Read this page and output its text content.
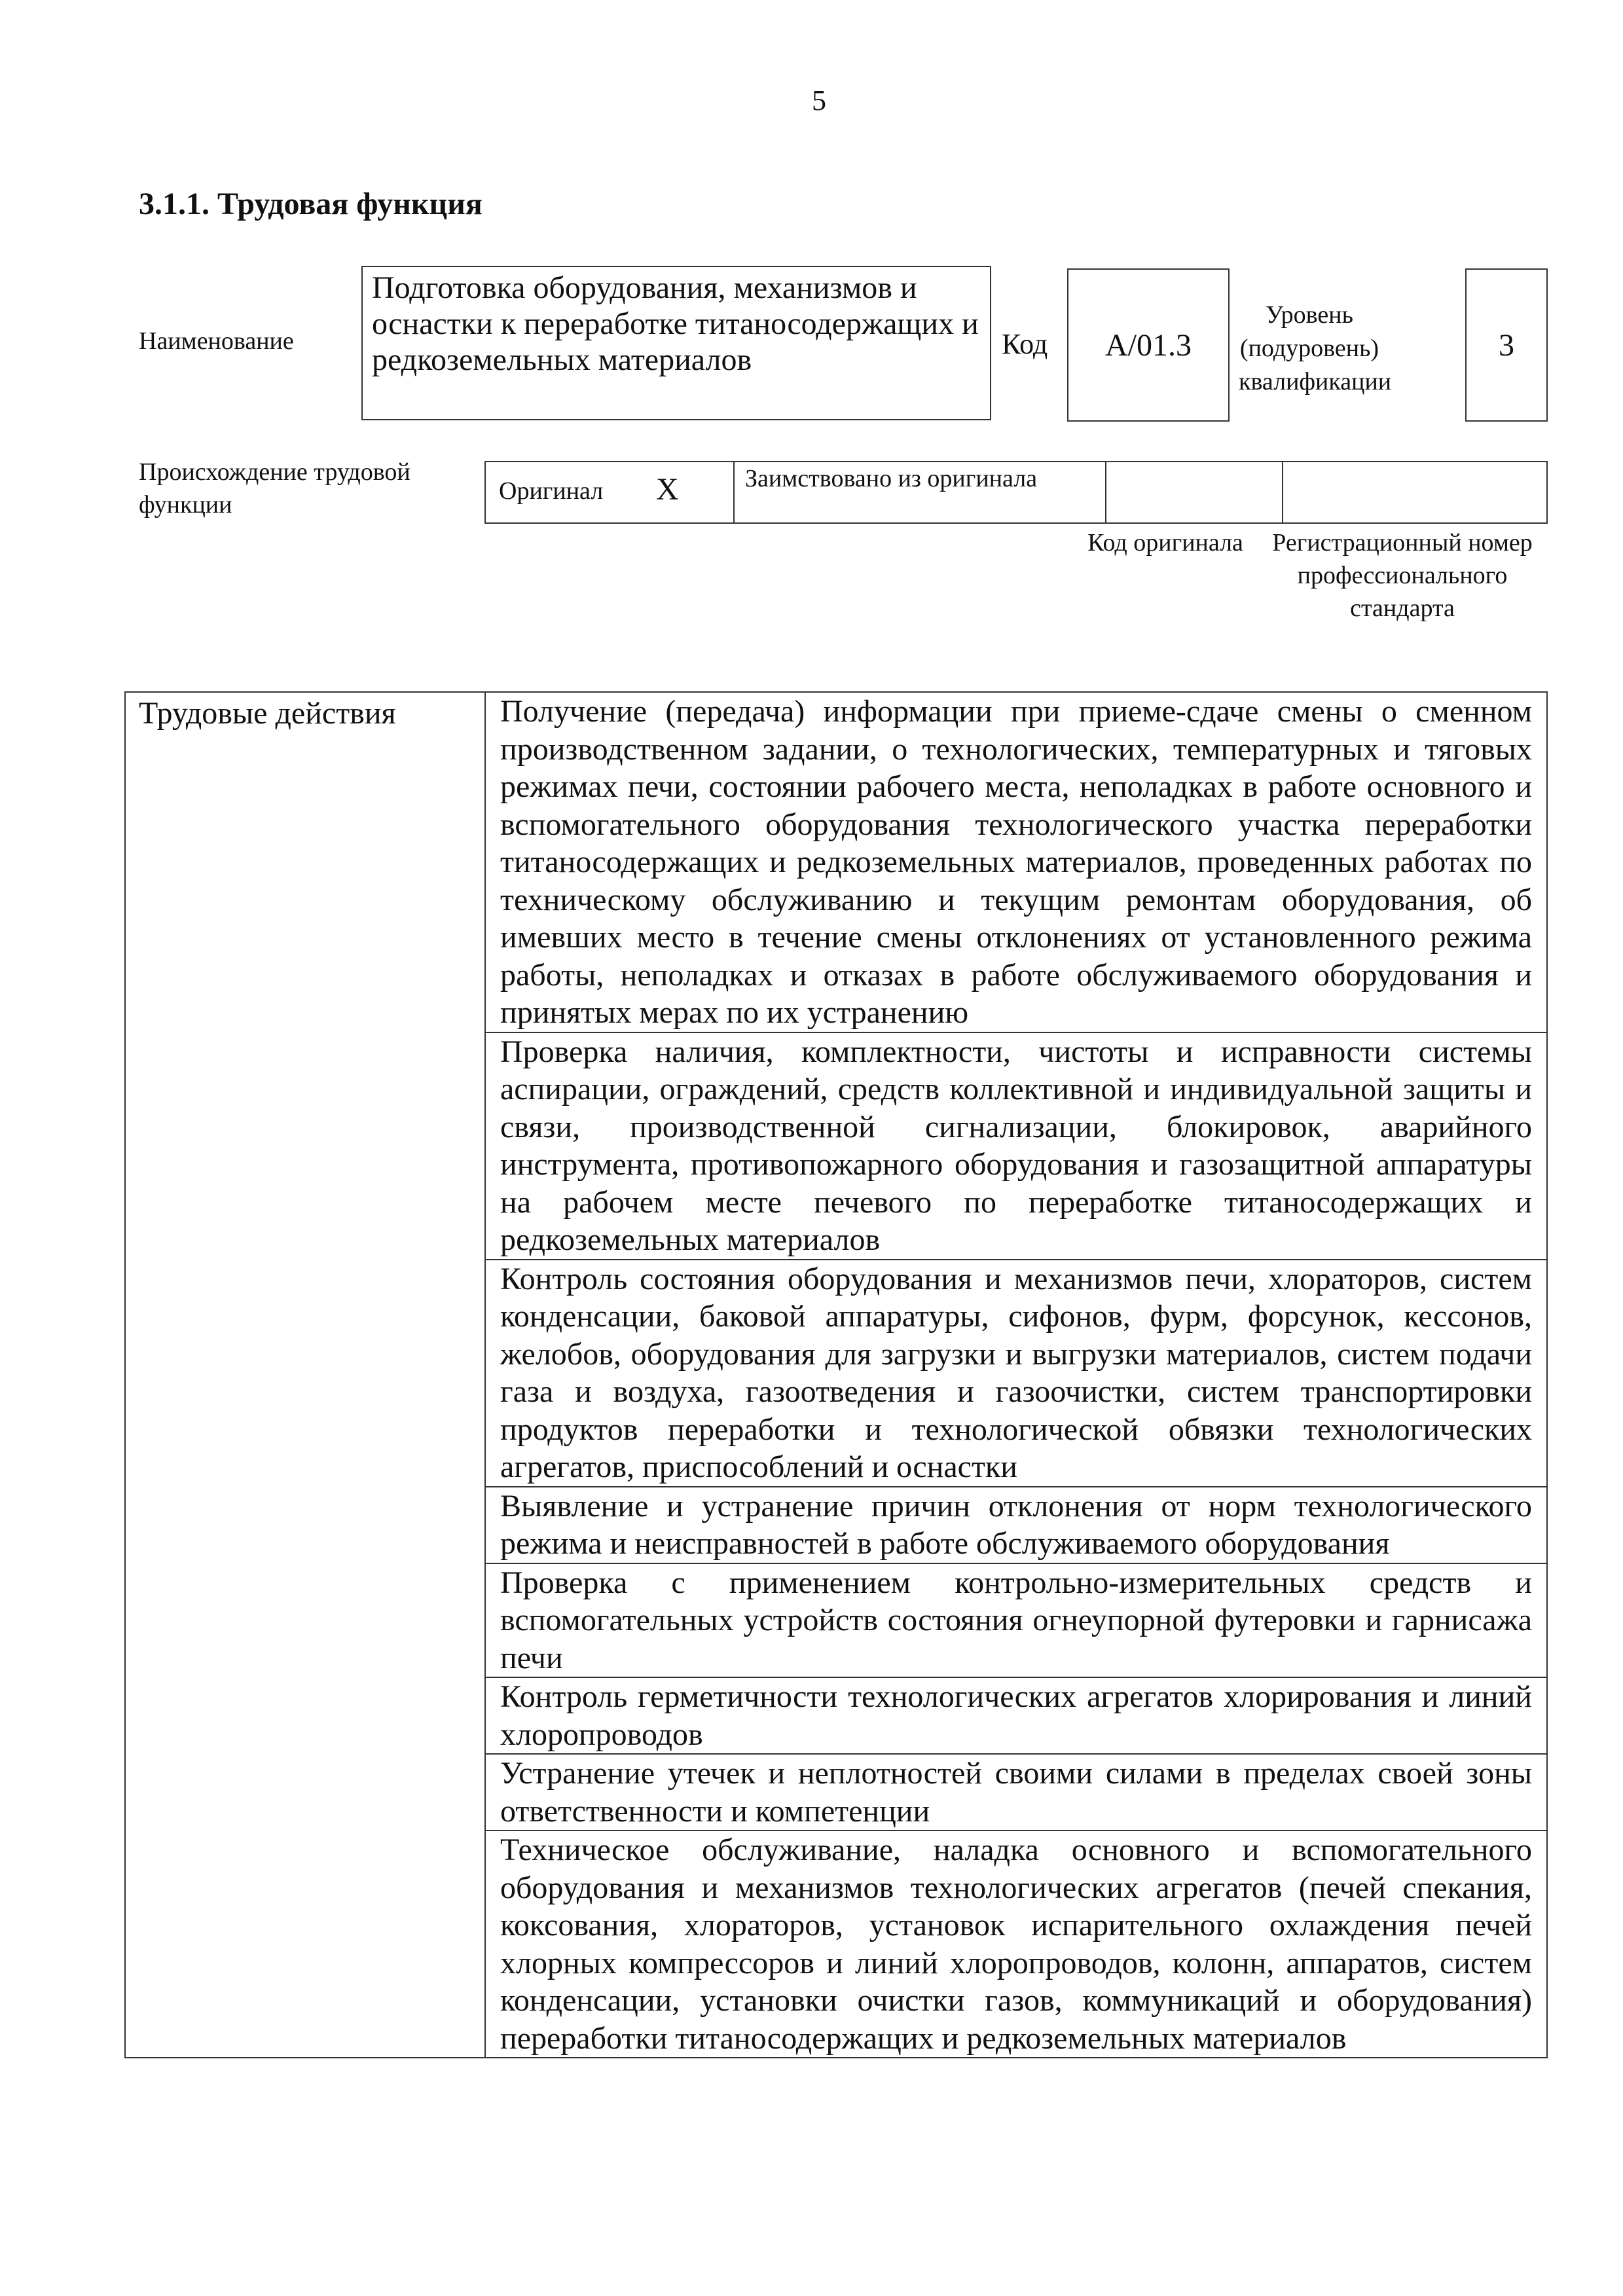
5
3.1.1. Трудовая функция
Наименование
Подготовка оборудования, механизмов и оснастки к переработке титаносодержащих и редкоземельных материалов	Код	А/01.3
Уровень (подуровень) квалификации
3
Происхождение трудовой функции	Оригинал Х	Заимствовано из оригинала
Код оригинала	Регистрационный номер профессионального стандарта
Трудовые действия	Получение (передача) информации при приеме-сдаче смены о сменном производственном задании, о технологических, температурных и тяговых режимах печи, состоянии рабочего места, неполадках в работе основного и вспомогательного оборудования технологического участка переработки титаносодержащих и редкоземельных материалов, проведенных работах по техническому обслуживанию и текущим ремонтам оборудования, об имевших место в течение смены отклонениях от установленного режима работы, неполадках и отказах в работе обслуживаемого оборудования и принятых мерах по их устранению
Проверка наличия, комплектности, чистоты и исправности системы аспирации, ограждений, средств коллективной и индивидуальной защиты и связи, производственной сигнализации, блокировок, аварийного инструмента, противопожарного оборудования и газозащитной аппаратуры на рабочем месте печевого по переработке титаносодержащих и редкоземельных материалов
Контроль состояния оборудования и механизмов печи, хлораторов, систем конденсации, баковой аппаратуры, сифонов, фурм, форсунок, кессонов, желобов, оборудования для загрузки и выгрузки материалов, систем подачи газа и воздуха, газоотведения и газоочистки, систем транспортировки продуктов переработки и технологической обвязки технологических агрегатов, приспособлений и оснастки
Выявление и устранение причин отклонения от норм технологического режима и неисправностей в работе обслуживаемого оборудования
Проверка с применением контрольно-измерительных средств и вспомогательных устройств состояния огнеупорной футеровки и гарнисажа печи
Контроль герметичности технологических агрегатов хлорирования и линий хлоропроводов
Устранение утечек и неплотностей своими силами в пределах своей зоны ответственности и компетенции
Техническое обслуживание, наладка основного и вспомогательного оборудования и механизмов технологических агрегатов (печей спекания, коксования, хлораторов, установок испарительного охлаждения печей хлорных компрессоров и линий хлоропроводов, колонн, аппаратов, систем конденсации, установки очистки газов, коммуникаций и оборудования) переработки титаносодержащих и редкоземельных материалов
